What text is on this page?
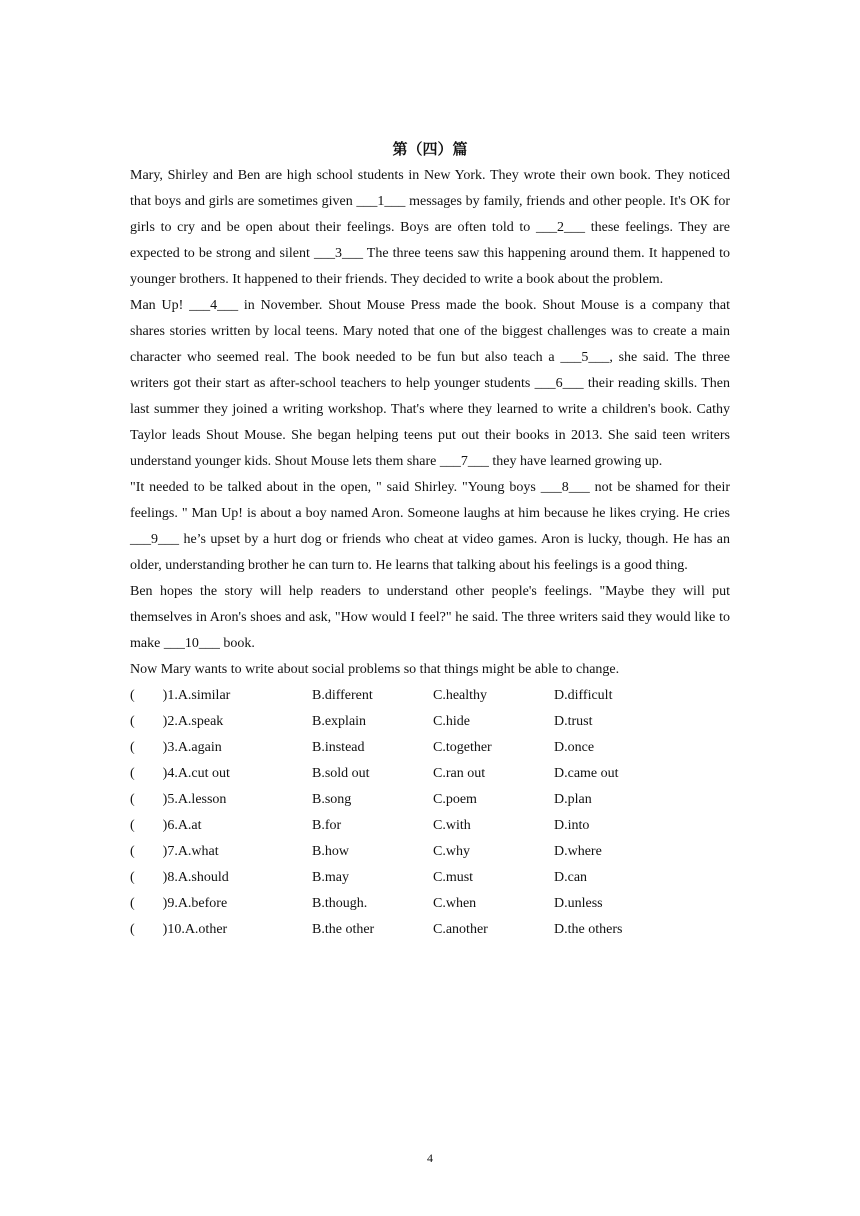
第（四）篇

Mary, Shirley and Ben are high school students in New York. They wrote their own book. They noticed that boys and girls are sometimes given ___1___ messages by family, friends and other people. It's OK for girls to cry and be open about their feelings. Boys are often told to ___2___ these feelings. They are expected to be strong and silent ___3___ The three teens saw this happening around them. It happened to younger brothers. It happened to their friends. They decided to write a book about the problem.

Man Up! ___4___ in November. Shout Mouse Press made the book. Shout Mouse is a company that shares stories written by local teens. Mary noted that one of the biggest challenges was to create a main character who seemed real. The book needed to be fun but also teach a ___5___, she said. The three writers got their start as after-school teachers to help younger students ___6___ their reading skills. Then last summer they joined a writing workshop. That's where they learned to write a children's book. Cathy Taylor leads Shout Mouse. She began helping teens put out their books in 2013. She said teen writers understand younger kids. Shout Mouse lets them share ___7___ they have learned growing up.

"It needed to be talked about in the open, " said Shirley. "Young boys ___8___ not be shamed for their feelings. " Man Up! is about a boy named Aron. Someone laughs at him because he likes crying. He cries ___9___ he’s upset by a hurt dog or friends who cheat at video games. Aron is lucky, though. He has an older, understanding brother he can turn to. He learns that talking about his feelings is a good thing.

Ben hopes the story will help readers to understand other people's feelings. "Maybe they will put themselves in Aron's shoes and ask, "How would I feel?" he said. The three writers said they would like to make ___10___ book.

Now Mary wants to write about social problems so that things might be able to change.

(        )1.A.similar	B.different	C.healthy	D.difficult
(        )2.A.speak	B.explain	C.hide	D.trust
(        )3.A.again	B.instead	C.together	D.once
(        )4.A.cut out	B.sold out	C.ran out	D.came out
(        )5.A.lesson	B.song	C.poem	D.plan
(        )6.A.at	B.for	C.with	D.into
(        )7.A.what	B.how	C.why	D.where
(        )8.A.should	B.may	C.must	D.can
(        )9.A.before	B.though.	C.when	D.unless
(        )10.A.other	B.the other	C.another	D.the others
4
